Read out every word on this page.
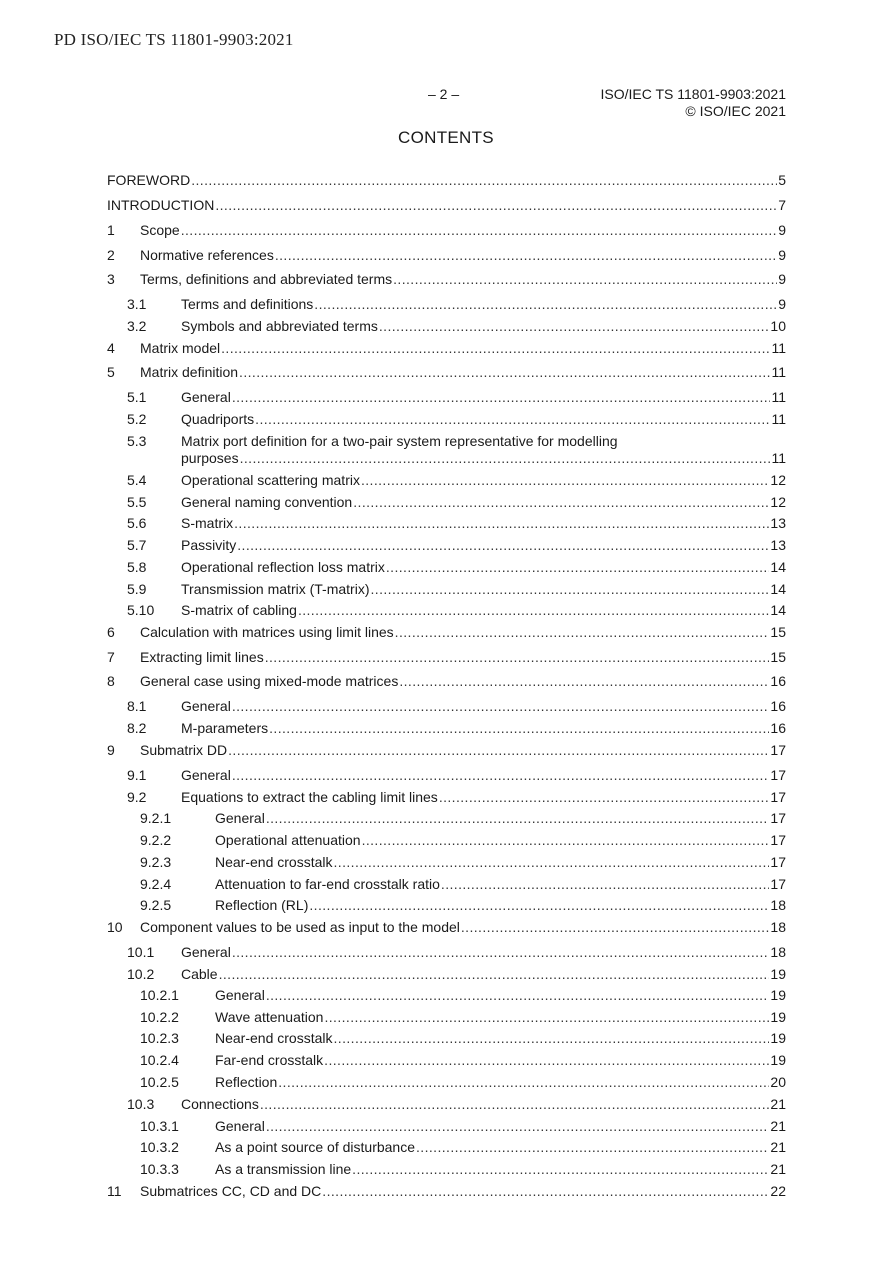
PD ISO/IEC TS 11801-9903:2021
– 2 –	ISO/IEC TS 11801-9903:2021
© ISO/IEC 2021
CONTENTS
FOREWORD .....	5
INTRODUCTION .....	7
1 Scope .....	9
2 Normative references .....	9
3 Terms, definitions and abbreviated terms .....	9
3.1 Terms and definitions .....	9
3.2 Symbols and abbreviated terms .....	10
4 Matrix model .....	11
5 Matrix definition .....	11
5.1 General .....	11
5.2 Quadriports .....	11
5.3 Matrix port definition for a two-pair system representative for modelling
purposes .....	11
5.4 Operational scattering matrix .....	12
5.5 General naming convention .....	12
5.6 S-matrix .....	13
5.7 Passivity .....	13
5.8 Operational reflection loss matrix .....	14
5.9 Transmission matrix (T-matrix) .....	14
5.10 S-matrix of cabling .....	14
6 Calculation with matrices using limit lines .....	15
7 Extracting limit lines .....	15
8 General case using mixed-mode matrices .....	16
8.1 General .....	16
8.2 M-parameters .....	16
9 Submatrix DD .....	17
9.1 General .....	17
9.2 Equations to extract the cabling limit lines .....	17
9.2.1	General .....	17
9.2.2	Operational attenuation .....	17
9.2.3	Near-end crosstalk .....	17
9.2.4	Attenuation to far-end crosstalk ratio .....	17
9.2.5	Reflection (RL) .....	18
10 Component values to be used as input to the model .....	18
10.1 General .....	18
10.2 Cable .....	19
10.2.1	General .....	19
10.2.2	Wave attenuation .....	19
10.2.3	Near-end crosstalk .....	19
10.2.4	Far-end crosstalk .....	19
10.2.5	Reflection .....	20
10.3 Connections .....	21
10.3.1	General .....	21
10.3.2	As a point source of disturbance .....	21
10.3.3	As a transmission line .....	21
11 Submatrices CC, CD and DC .....	22
